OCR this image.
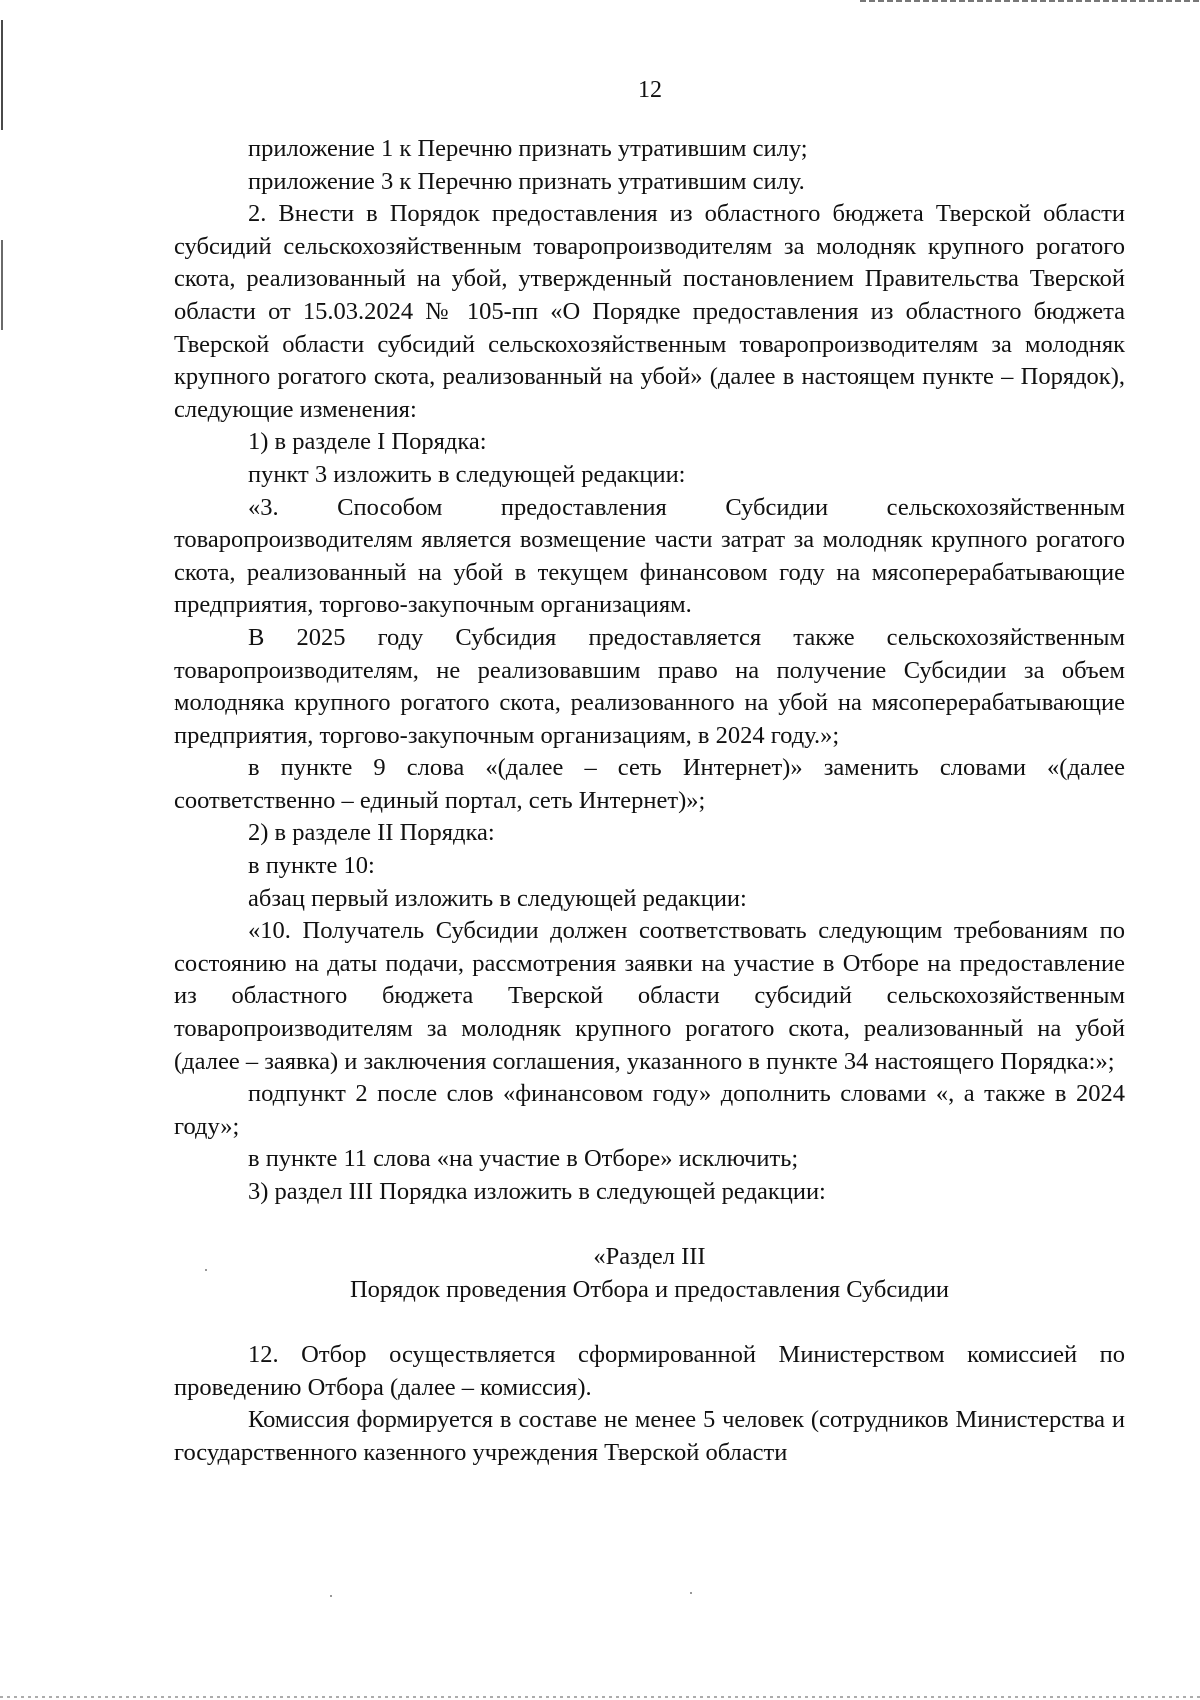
12

приложение 1 к Перечню признать утратившим силу;

приложение 3 к Перечню признать утратившим силу.

2. Внести в Порядок предоставления из областного бюджета Тверской области субсидий сельскохозяйственным товаропроизводителям за молодняк крупного рогатого скота, реализованный на убой, утвержденный постановлением Правительства Тверской области от 15.03.2024 № 105-пп «О Порядке предоставления из областного бюджета Тверской области субсидий сельскохозяйственным товаропроизводителям за молодняк крупного рогатого скота, реализованный на убой» (далее в настоящем пункте – Порядок), следующие изменения:

1) в разделе I Порядка:

пункт 3 изложить в следующей редакции:

«3. Способом предоставления Субсидии сельскохозяйственным товаропроизводителям является возмещение части затрат за молодняк крупного рогатого скота, реализованный на убой в текущем финансовом году на мясоперерабатывающие предприятия, торгово-закупочным организациям.

В 2025 году Субсидия предоставляется также сельскохозяйственным товаропроизводителям, не реализовавшим право на получение Субсидии за объем молодняка крупного рогатого скота, реализованного на убой на мясоперерабатывающие предприятия, торгово-закупочным организациям, в 2024 году.»;

в пункте 9 слова «(далее – сеть Интернет)» заменить словами «(далее соответственно – единый портал, сеть Интернет)»;

2) в разделе II Порядка:

в пункте 10:

абзац первый изложить в следующей редакции:

«10. Получатель Субсидии должен соответствовать следующим требованиям по состоянию на даты подачи, рассмотрения заявки на участие в Отборе на предоставление из областного бюджета Тверской области субсидий сельскохозяйственным товаропроизводителям за молодняк крупного рогатого скота, реализованный на убой (далее – заявка) и заключения соглашения, указанного в пункте 34 настоящего Порядка:»;

подпункт 2 после слов «финансовом году» дополнить словами «, а также в 2024 году»;

в пункте 11 слова «на участие в Отборе» исключить;

3) раздел III Порядка изложить в следующей редакции:

«Раздел III

Порядок проведения Отбора и предоставления Субсидии

12. Отбор осуществляется сформированной Министерством комиссией по проведению Отбора (далее – комиссия).

Комиссия формируется в составе не менее 5 человек (сотрудников Министерства и государственного казенного учреждения Тверской области
